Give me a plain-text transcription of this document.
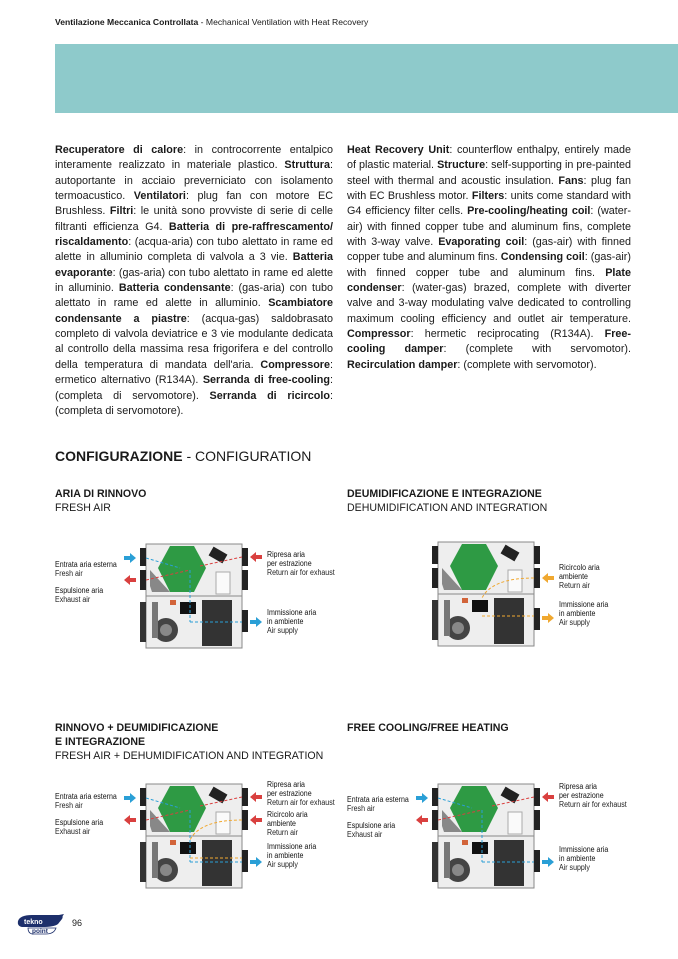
Ventilazione Meccanica Controllata - Mechanical Ventilation with Heat Recovery
Recuperatore di calore: in controcorrente entalpico interamente realizzato in materiale plastico. Struttura: autoportante in acciaio preverniciato con isolamento termoacustico. Ventilatori: plug fan con motore EC Brushless. Filtri: le unità sono provviste di serie di celle filtranti efficienza G4. Batteria di pre-raffrescamento/ riscaldamento: (acqua-aria) con tubo alettato in rame ed alette in alluminio completa di valvola a 3 vie. Batteria evaporante: (gas-aria) con tubo alettato in rame ed alette in alluminio. Batteria condensante: (gas-aria) con tubo alettato in rame ed alette in alluminio. Scambiatore condensante a piastre: (acqua-gas) saldobrasato completo di valvola deviatrice e 3 vie modulante dedicata al controllo della massima resa frigorifera e del controllo della temperatura di mandata dell'aria. Compressore: ermetico alternativo (R134A). Serranda di free-cooling: (completa di servomotore). Serranda di ricircolo: (completa di servomotore).
Heat Recovery Unit: counterflow enthalpy, entirely made of plastic material. Structure: self-supporting in pre-painted steel with thermal and acoustic insulation. Fans: plug fan with EC Brushless motor. Filters: units come standard with G4 efficiency filter cells. Pre-cooling/heating coil: (water-air) with finned copper tube and aluminum fins, complete with 3-way valve. Evaporating coil: (gas-air) with finned copper tube and aluminum fins. Condensing coil: (gas-air) with finned copper tube and aluminum fins. Plate condenser: (water-gas) brazed, complete with diverter valve and 3-way modulating valve dedicated to controlling maximum cooling efficiency and outlet air temperature. Compressor: hermetic reciprocating (R134A). Free-cooling damper: (complete with servomotor). Recirculation damper: (complete with servomotor).
CONFIGURAZIONE - CONFIGURATION
ARIA DI RINNOVO
FRESH AIR
Entrata aria esterna
Fresh air
Espulsione aria
Exhaust air
Ripresa aria
per estrazione
Return air for exhaust
Immissione aria
in ambiente
Air supply
DEUMIDIFICAZIONE E INTEGRAZIONE
DEHUMIDIFICATION AND INTEGRATION
Ricircolo aria
ambiente
Return air
Immissione aria
in ambiente
Air supply
RINNOVO + DEUMIDIFICAZIONE
E INTEGRAZIONE
FRESH AIR + DEHUMIDIFICATION AND INTEGRATION
Entrata aria esterna
Fresh air
Espulsione aria
Exhaust air
Ripresa aria
per estrazione
Return air for exhaust
Ricircolo aria
ambiente
Return air
Immissione aria
in ambiente
Air supply
FREE COOLING/FREE HEATING
Entrata aria esterna
Fresh air
Espulsione aria
Exhaust air
Ripresa aria
per estrazione
Return air for exhaust
Immissione aria
in ambiente
Air supply
tekno
point
96
